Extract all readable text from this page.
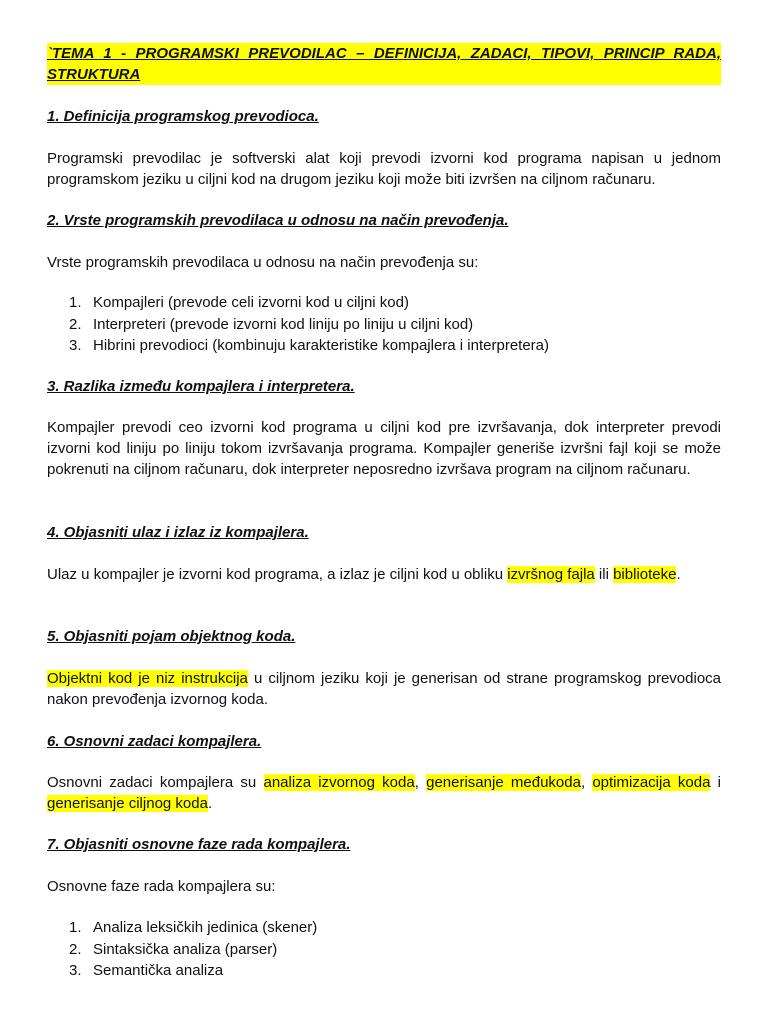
`TEMA 1 - PROGRAMSKI PREVODILAC – DEFINICIJA, ZADACI, TIPOVI, PRINCIP RADA, STRUKTURA
1. Definicija programskog prevodioca.

Programski prevodilac je softverski alat koji prevodi izvorni kod programa napisan u jednom programskom jeziku u ciljni kod na drugom jeziku koji može biti izvršen na ciljnom računaru.

2. Vrste programskih prevodilaca u odnosu na način prevođenja.

Vrste programskih prevodilaca u odnosu na način prevođenja su:

1. Kompajleri (prevode celi izvorni kod u ciljni kod)
2. Interpreteri (prevode izvorni kod liniju po liniju u ciljni kod)
3. Hibrini prevodioci (kombinuju karakteristike kompajlera i interpretera)
3. Razlika između kompajlera i interpretera.

Kompajler prevodi ceo izvorni kod programa u ciljni kod pre izvršavanja, dok interpreter prevodi izvorni kod liniju po liniju tokom izvršavanja programa. Kompajler generiše izvršni fajl koji se može pokrenuti na ciljnom računaru, dok interpreter neposredno izvršava program na ciljnom računaru.

4. Objasniti ulaz i izlaz iz kompajlera.

Ulaz u kompajler je izvorni kod programa, a izlaz je ciljni kod u obliku izvršnog fajla ili biblioteke.

5. Objasniti pojam objektnog koda.

Objektni kod je niz instrukcija u ciljnom jeziku koji je generisan od strane programskog prevodioca nakon prevođenja izvornog koda.

6. Osnovni zadaci kompajlera.

Osnovni zadaci kompajlera su analiza izvornog koda, generisanje međukoda, optimizacija koda i generisanje ciljnog koda.

7. Objasniti osnovne faze rada kompajlera.

Osnovne faze rada kompajlera su:

1. Analiza leksičkih jedinica (skener)
2. Sintaksička analiza (parser)
3. Semantička analiza
